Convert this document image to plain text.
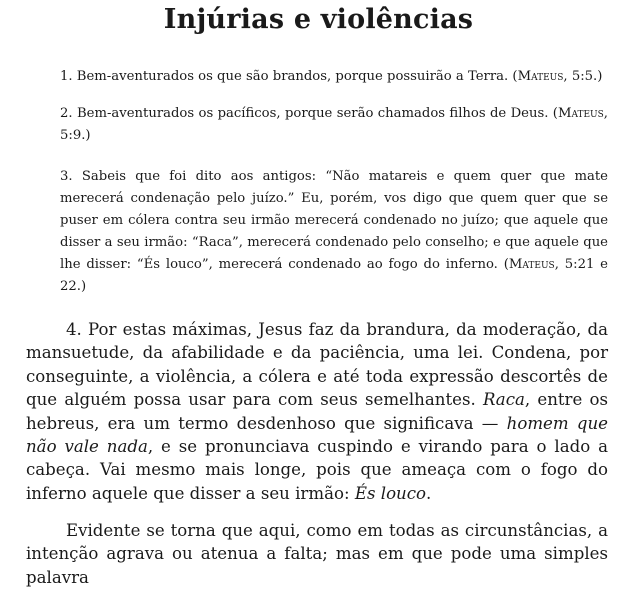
Injúrias e violências
1. Bem-aventurados os que são brandos, porque possuirão a Terra. (Mateus, 5:5.)
2. Bem-aventurados os pacíficos, porque serão chamados filhos de Deus. (Mateus, 5:9.)
3. Sabeis que foi dito aos antigos: “Não matareis e quem quer que mate merecerá condenação pelo juízo.” Eu, porém, vos digo que quem quer que se puser em cólera contra seu irmão merecerá condenado no juízo; que aquele que disser a seu irmão: “Raca”, merecerá condenado pelo conselho; e que aquele que lhe disser: “És louco”, merecerá condenado ao fogo do inferno. (Mateus, 5:21 e 22.)
4. Por estas máximas, Jesus faz da brandura, da moderação, da mansuetude, da afabilidade e da paciência, uma lei. Condena, por conseguinte, a violência, a cólera e até toda expressão descortês de que alguém possa usar para com seus semelhantes. Raca, entre os hebreus, era um termo desdenhoso que significava — homem que não vale nada, e se pronunciava cuspindo e virando para o lado a cabeça. Vai mesmo mais longe, pois que ameaça com o fogo do inferno aquele que disser a seu irmão: És louco.
Evidente se torna que aqui, como em todas as circunstâncias, a intenção agrava ou atenua a falta; mas em que pode uma simples palavra
